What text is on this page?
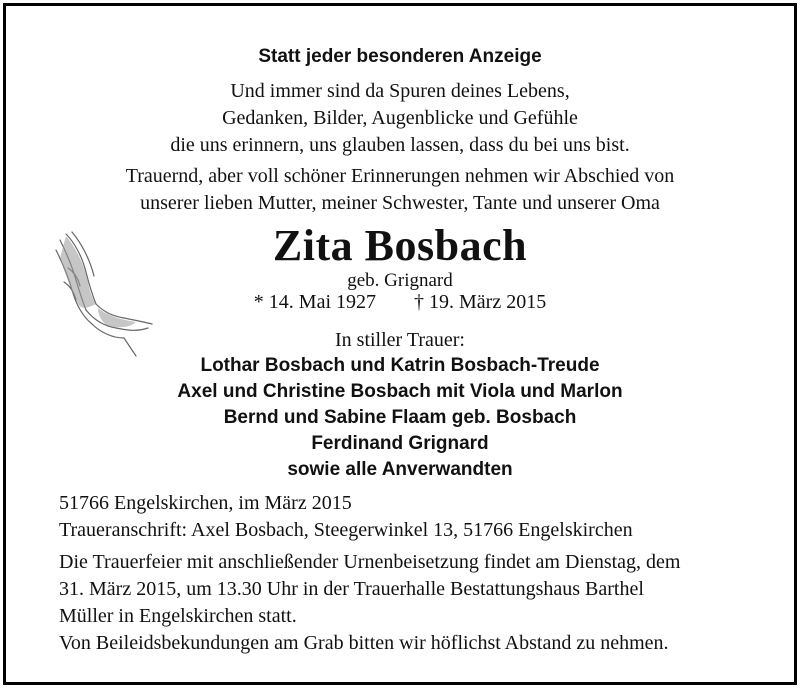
Statt jeder besonderen Anzeige
Und immer sind da Spuren deines Lebens,
Gedanken, Bilder, Augenblicke und Gefühle
die uns erinnern, uns glauben lassen, dass du bei uns bist.
Trauernd, aber voll schöner Erinnerungen nehmen wir Abschied von
unserer lieben Mutter, meiner Schwester, Tante und unserer Oma
Zita Bosbach
geb. Grignard
* 14. Mai 1927 † 19. März 2015
In stiller Trauer:
Lothar Bosbach und Katrin Bosbach-Treude
Axel und Christine Bosbach mit Viola und Marlon
Bernd und Sabine Flaam geb. Bosbach
Ferdinand Grignard
sowie alle Anverwandten
51766 Engelskirchen, im März 2015
Traueranschrift: Axel Bosbach, Steegerwinkel 13, 51766 Engelskirchen
Die Trauerfeier mit anschließender Urnenbeisetzung findet am Dienstag, dem
31. März 2015, um 13.30 Uhr in der Trauerhalle Bestattungshaus Barthel
Müller in Engelskirchen statt.
Von Beileidsbekundungen am Grab bitten wir höflichst Abstand zu nehmen.
